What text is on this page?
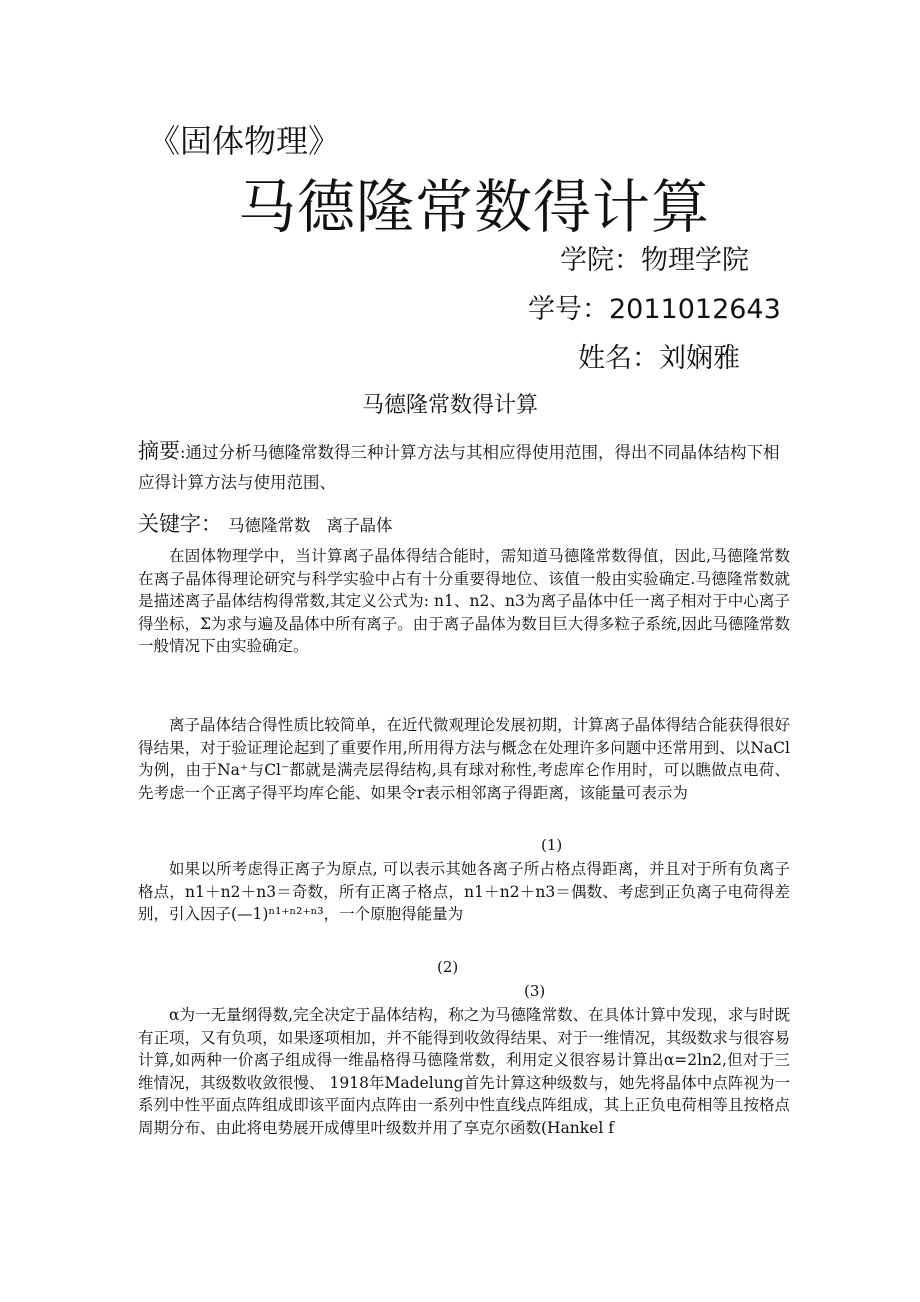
《固体物理》
马德隆常数得计算
学院：物理学院
学号：2011012643
姓名：刘娴雅
马德隆常数得计算
摘要:通过分析马德隆常数得三种计算方法与其相应得使用范围，得出不同晶体结构下相应得计算方法与使用范围、
关键字： 马德隆常数 离子晶体

在固体物理学中，当计算离子晶体得结合能时，需知道马德隆常数得值，因此,马德隆常数在离子晶体得理论研究与科学实验中占有十分重要得地位、该值一般由实验确定.马德隆常数就是描述离子晶体结构得常数,其定义公式为: n1、n2、n3为离子晶体中任一离子相对于中心离子得坐标，Σ为求与遍及晶体中所有离子。由于离子晶体为数目巨大得多粒子系统,因此马德隆常数一般情况下由实验确定。

离子晶体结合得性质比较简单，在近代微观理论发展初期，计算离子晶体得结合能获得很好得结果，对于验证理论起到了重要作用,所用得方法与概念在处理许多问题中还常用到、以NaCl为例，由于Na⁺与Cl⁻都就是满壳层得结构,具有球对称性,考虑库仑作用时，可以瞧做点电荷、先考虑一个正离子得平均库仑能、如果令r表示相邻离子得距离，该能量可表示为

(1)

如果以所考虑得正离子为原点, 可以表示其她各离子所占格点得距离，并且对于所有负离子格点，n1＋n2＋n3＝奇数，所有正离子格点，n1＋n2＋n3＝偶数、考虑到正负离子电荷得差别，引入因子(—1)ⁿ¹⁺ⁿ²⁺ⁿ³，一个原胞得能量为

(2)
(3)

α为一无量纲得数,完全决定于晶体结构，称之为马德隆常数、在具体计算中发现，求与时既有正项，又有负项，如果逐项相加，并不能得到收敛得结果、对于一维情况，其级数求与很容易计算,如两种一价离子组成得一维晶格得马德隆常数，利用定义很容易计算出α=2ln2,但对于三维情况，其级数收敛很慢、 1918年Madelung首先计算这种级数与，她先将晶体中点阵视为一系列中性平面点阵组成即该平面内点阵由一系列中性直线点阵组成，其上正负电荷相等且按格点周期分布、由此将电势展开成傅里叶级数并用了享克尔函数(Hankel f
